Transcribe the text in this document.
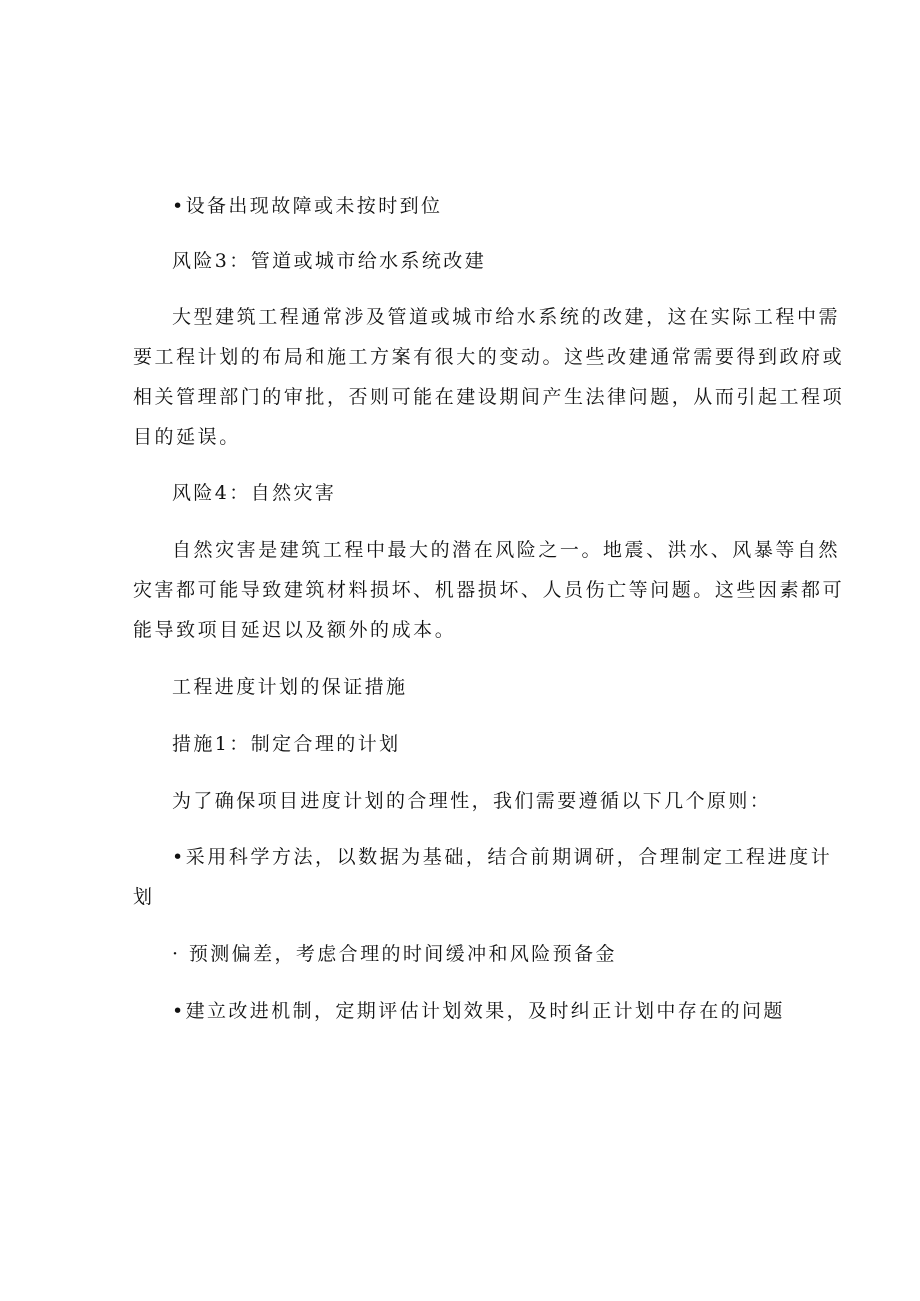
•设备出现故障或未按时到位
风险3：管道或城市给水系统改建
大型建筑工程通常涉及管道或城市给水系统的改建，这在实际工程中需
要工程计划的布局和施工方案有很大的变动。这些改建通常需要得到政府或
相关管理部门的审批，否则可能在建设期间产生法律问题，从而引起工程项
目的延误。
风险4：自然灾害
自然灾害是建筑工程中最大的潜在风险之一。地震、洪水、风暴等自然
灾害都可能导致建筑材料损坏、机器损坏、人员伤亡等问题。这些因素都可
能导致项目延迟以及额外的成本。
工程进度计划的保证措施
措施1：制定合理的计划
为了确保项目进度计划的合理性，我们需要遵循以下几个原则：
•采用科学方法，以数据为基础，结合前期调研，合理制定工程进度计
划
· 预测偏差，考虑合理的时间缓冲和风险预备金
•建立改进机制，定期评估计划效果，及时纠正计划中存在的问题
